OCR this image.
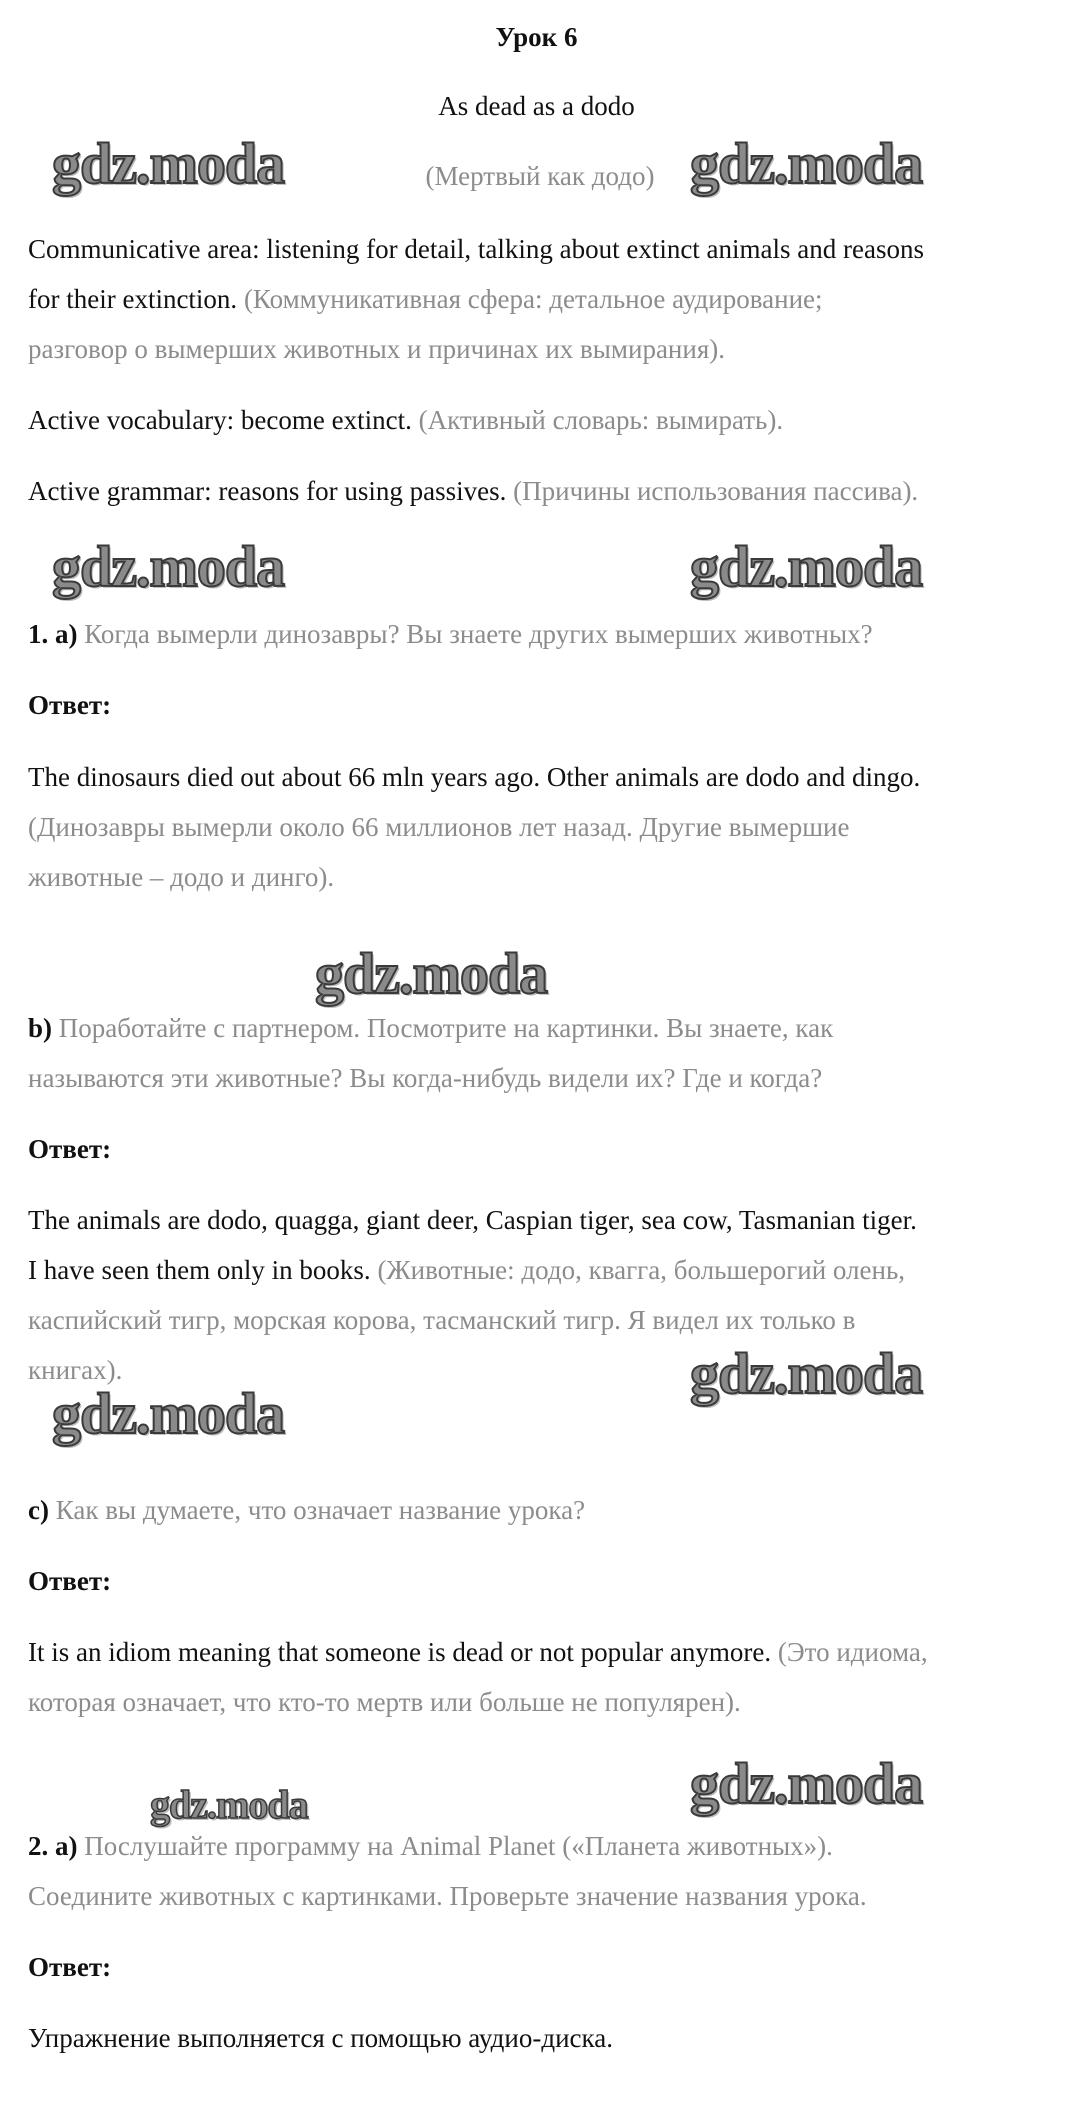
Урок 6
As dead as a dodo
(Мертвый как додо)
gdz.moda	gdz.moda
Communicative area: listening for detail, talking about extinct animals and reasons
for their extinction. (Коммуникативная сфера: детальное аудирование;
разговор о вымерших животных и причинах их вымирания).
Active vocabulary: become extinct. (Активный словарь: вымирать).
Active grammar: reasons for using passives. (Причины использования пассива).
gdz.moda	gdz.moda
1. a) Когда вымерли динозавры? Вы знаете других вымерших животных?
Ответ:
The dinosaurs died out about 66 mln years ago. Other animals are dodo and dingo.
(Динозавры вымерли около 66 миллионов лет назад. Другие вымершие
животные – додо и динго).
gdz.moda
b) Поработайте с партнером. Посмотрите на картинки. Вы знаете, как
называются эти животные? Вы когда-нибудь видели их? Где и когда?
Ответ:
The animals are dodo, quagga, giant deer, Caspian tiger, sea cow, Tasmanian tiger.
I have seen them only in books. (Животные: додо, квагга, большерогий олень,
каспийский тигр, морская корова, тасманский тигр. Я видел их только в
книгах).	gdz.moda
gdz.moda
c) Как вы думаете, что означает название урока?
Ответ:
It is an idiom meaning that someone is dead or not popular anymore. (Это идиома,
которая означает, что кто-то мертв или больше не популярен).
gdz.moda
gdz.moda
2. a) Послушайте программу на Animal Planet («Планета животных»).
Соедините животных с картинками. Проверьте значение названия урока.
Ответ:
Упражнение выполняется с помощью аудио-диска.
